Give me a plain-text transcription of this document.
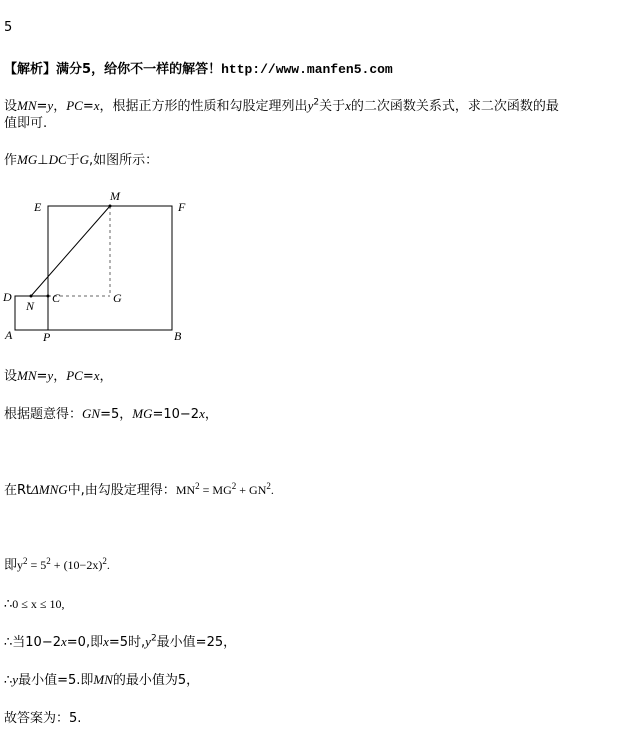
5
【解析】满分5，给你不一样的解答！http://www.manfen5.com
设MN=y，PC=x，根据正方形的性质和勾股定理列出$y^2$关于x的二次函数关系式，求二次函数的最
值即可.
作MG⊥DC于G,如图所示：
E
M
F
D
N
C	G
A	P	B
设MN=y，PC=x，
根据题意得：GN=5，MG=10−2x，
在RtΔMNG中,由勾股定理得：$MN^2 = MG^2 + GN^2$.
即$y^2 = 5^2 + (10-2x)^2$.
∴0 ≤ x ≤ 10,
∴当10−2x=0,即x=5时$,y^2$最小值=25，
∴y最小值=5.即MN的最小值为5，
故答案为：5.
